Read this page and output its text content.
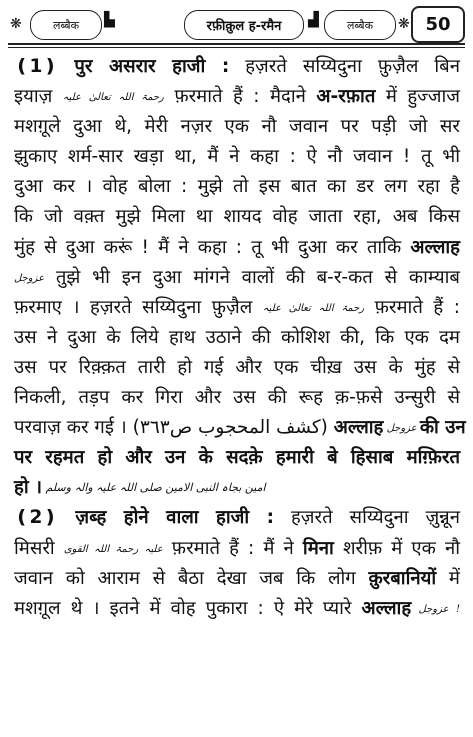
❋	लब्बैक	▙	रफ़ीक़ुल ह-रमैन	▟	लब्बैक	❋ 50
❪1❫ पुर असरार हाजी : हज़रते सय्यिदुना फ़ुज़ैल बिन
इयाज़ رحمۃ اللہ تعالیٰ علیہ फ़रमाते हैं : मैदाने अ-रफ़ात में हुज्जाज
मशग़ूले दुआ थे, मेरी नज़र एक नौ जवान पर पड़ी जो सर
झुकाए शर्म-सार खड़ा था, मैं ने कहा : ऐ नौ जवान ! तू भी
दुआ कर । वोह बोला : मुझे तो इस बात का डर लग रहा है
कि जो वक़्त मुझे मिला था शायद वोह जाता रहा, अब किस
मुंह से दुआ करूं ! मैं ने कहा : तू भी दुआ कर ताकि अल्लाह
عزوجل तुझे भी इन दुआ मांगने वालों की ब-र-कत से काम्याब
फ़रमाए । हज़रते सय्यिदुना फ़ुज़ैल رحمۃ اللہ تعالیٰ علیہ फ़रमाते हैं :
उस ने दुआ के लिये हाथ उठाने की कोशिश की, कि एक दम
उस पर रिक़्क़त तारी हो गई और एक चीख़ उस के मुंह से
निकली, तड़प कर गिरा और उस की रूह क़-फ़से उन्सुरी से
परवाज़ कर गई । (كشف المحجوب ص٣٦٣) अल्लाह عزوجل की उन
पर रहमत हो और उन के सदक़े हमारी बे हिसाब मग़्फ़िरत
हो । امین بجاہ النبی الامین صلی اللہ علیہ والہ وسلم
❪2❫ ज़ब्ह होने वाला हाजी : हज़रते सय्यिदुना ज़ुन्नून
मिसरी علیہ رحمۃ اللہ القوی फ़रमाते हैं : मैं ने मिना शरीफ़ में एक नौ
जवान को आराम से बैठा देखा जब कि लोग क़ुरबानियों में
मशग़ूल थे । इतने में वोह पुकारा : ऐ मेरे प्यारे अल्लाह عزوجل !
